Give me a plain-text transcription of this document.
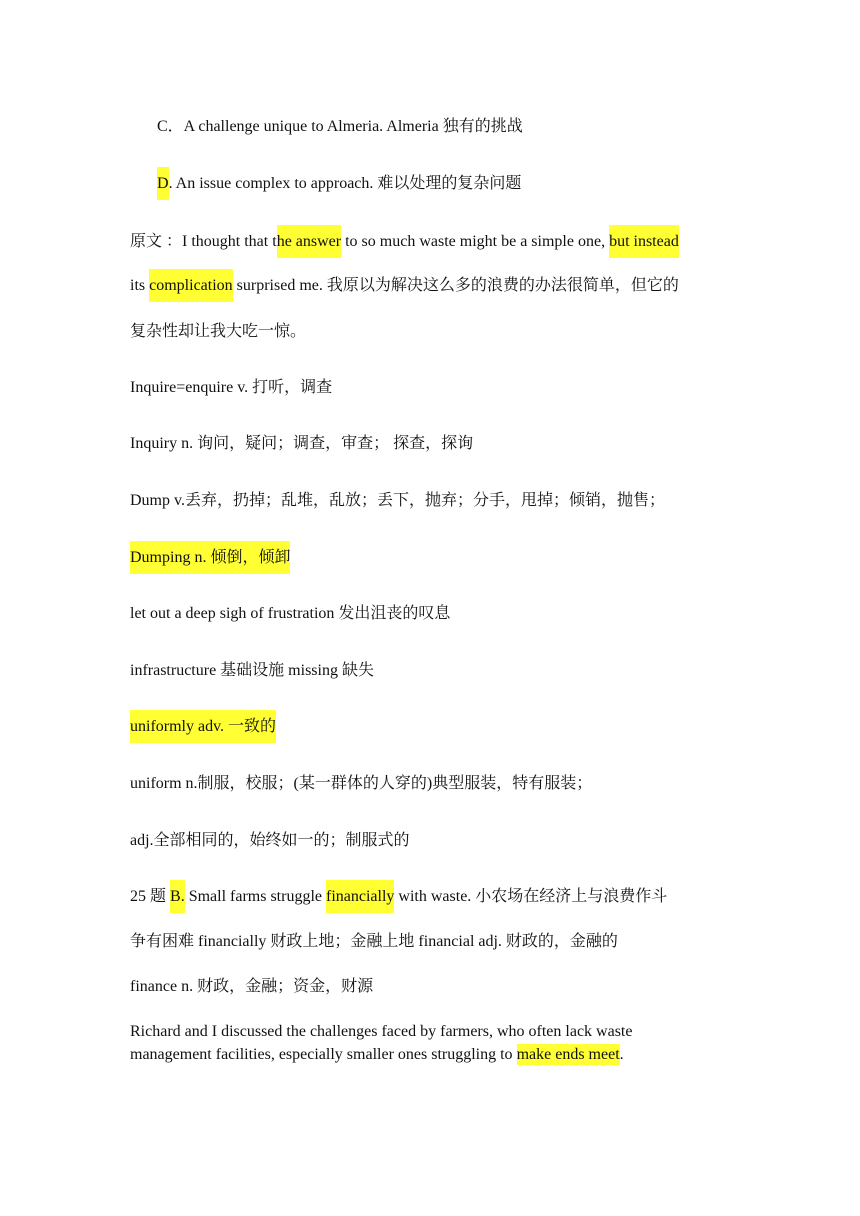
C．A challenge unique to Almeria. Almeria 独有的挑战
D. An issue complex to approach. 难以处理的复杂问题
原文 ：I thought that the answer to so much waste might be a simple one, but instead
its complication surprised me. 我原以为解决这么多的浪费的办法很简单，但它的
复杂性却让我大吃一惊。
Inquire=enquire v. 打听，调查
Inquiry n. 询问，疑问；调查，审查； 探查，探询
Dump v.丢弃，扔掉；乱堆，乱放；丢下，抛弃；分手，甩掉；倾销，抛售；
Dumping n. 倾倒，倾卸
let out a deep sigh of frustration 发出沮丧的叹息
infrastructure 基础设施 missing 缺失
uniformly adv. 一致的
uniform n.制服，校服；(某一群体的人穿的)典型服装，特有服装；
adj.全部相同的，始终如一的；制服式的
25 题 B. Small farms struggle financially with waste. 小农场在经济上与浪费作斗
争有困难 financially 财政上地；金融上地 financial adj. 财政的，金融的
finance n. 财政，金融；资金，财源
Richard and I discussed the challenges faced by farmers, who often lack waste
management facilities, especially smaller ones struggling to make ends meet.
